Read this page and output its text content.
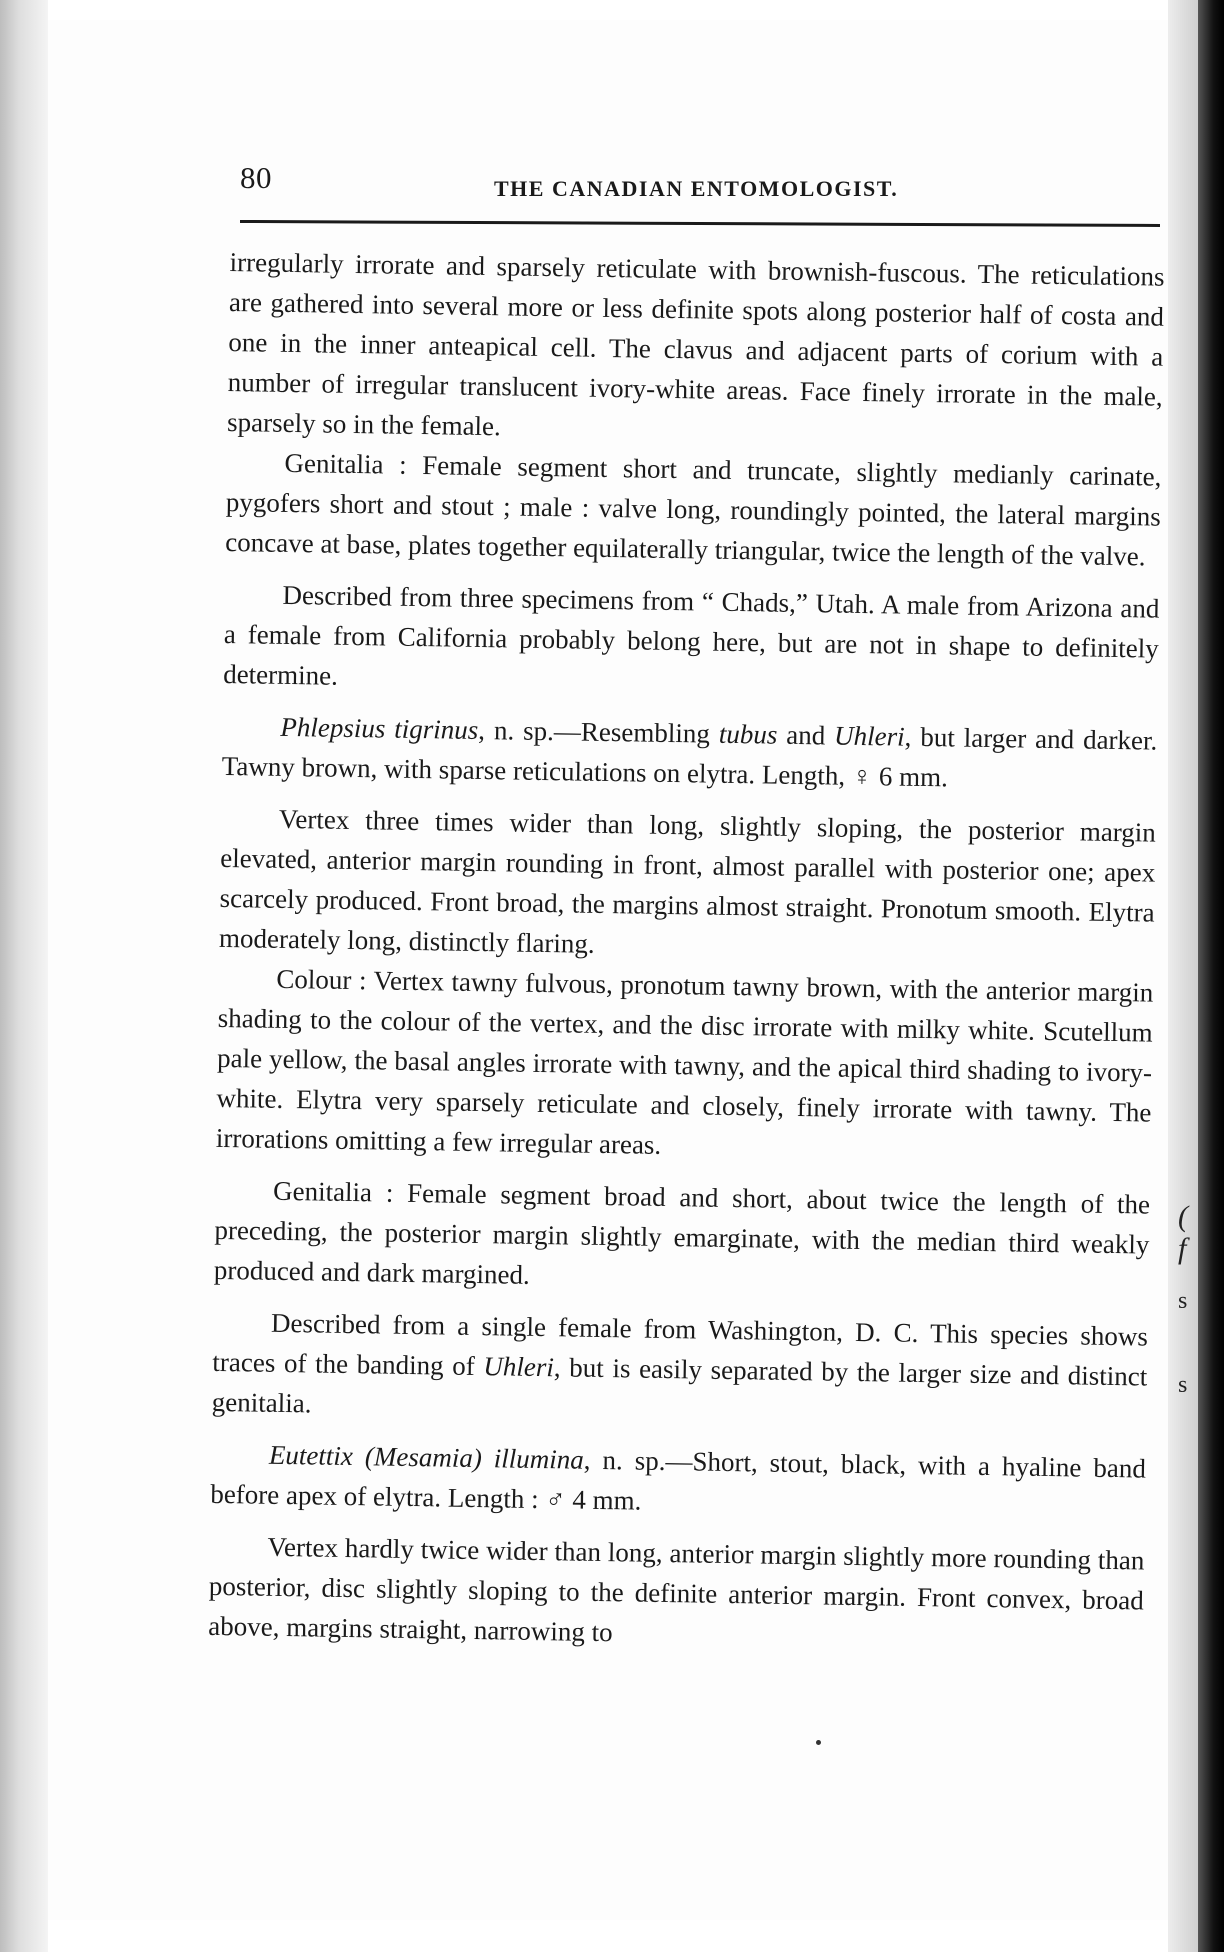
(
f
s
s
80	THE CANADIAN ENTOMOLOGIST.

irregularly irrorate and sparsely reticulate with brownish-fuscous. The reticulations are gathered into several more or less definite spots along posterior half of costa and one in the inner anteapical cell. The clavus and adjacent parts of corium with a number of irregular translucent ivory-white areas. Face finely irrorate in the male, sparsely so in the female.

Genitalia : Female segment short and truncate, slightly medianly carinate, pygofers short and stout ; male : valve long, roundingly pointed, the lateral margins concave at base, plates together equilaterally triangular, twice the length of the valve.

Described from three specimens from “ Chads,” Utah. A male from Arizona and a female from California probably belong here, but are not in shape to definitely determine.

Phlepsius tigrinus, n. sp.—Resembling tubus and Uhleri, but larger and darker. Tawny brown, with sparse reticulations on elytra. Length, ♀ 6 mm.

Vertex three times wider than long, slightly sloping, the posterior margin elevated, anterior margin rounding in front, almost parallel with posterior one; apex scarcely produced. Front broad, the margins almost straight. Pronotum smooth. Elytra moderately long, distinctly flaring.

Colour : Vertex tawny fulvous, pronotum tawny brown, with the anterior margin shading to the colour of the vertex, and the disc irrorate with milky white. Scutellum pale yellow, the basal angles irrorate with tawny, and the apical third shading to ivory-white. Elytra very sparsely reticulate and closely, finely irrorate with tawny. The irrorations omitting a few irregular areas.

Genitalia : Female segment broad and short, about twice the length of the preceding, the posterior margin slightly emarginate, with the median third weakly produced and dark margined.

Described from a single female from Washington, D. C. This species shows traces of the banding of Uhleri, but is easily separated by the larger size and distinct genitalia.

Eutettix (Mesamia) illumina, n. sp.—Short, stout, black, with a hyaline band before apex of elytra. Length : ♂ 4 mm.

Vertex hardly twice wider than long, anterior margin slightly more rounding than posterior, disc slightly sloping to the definite anterior margin. Front convex, broad above, margins straight, narrowing to
